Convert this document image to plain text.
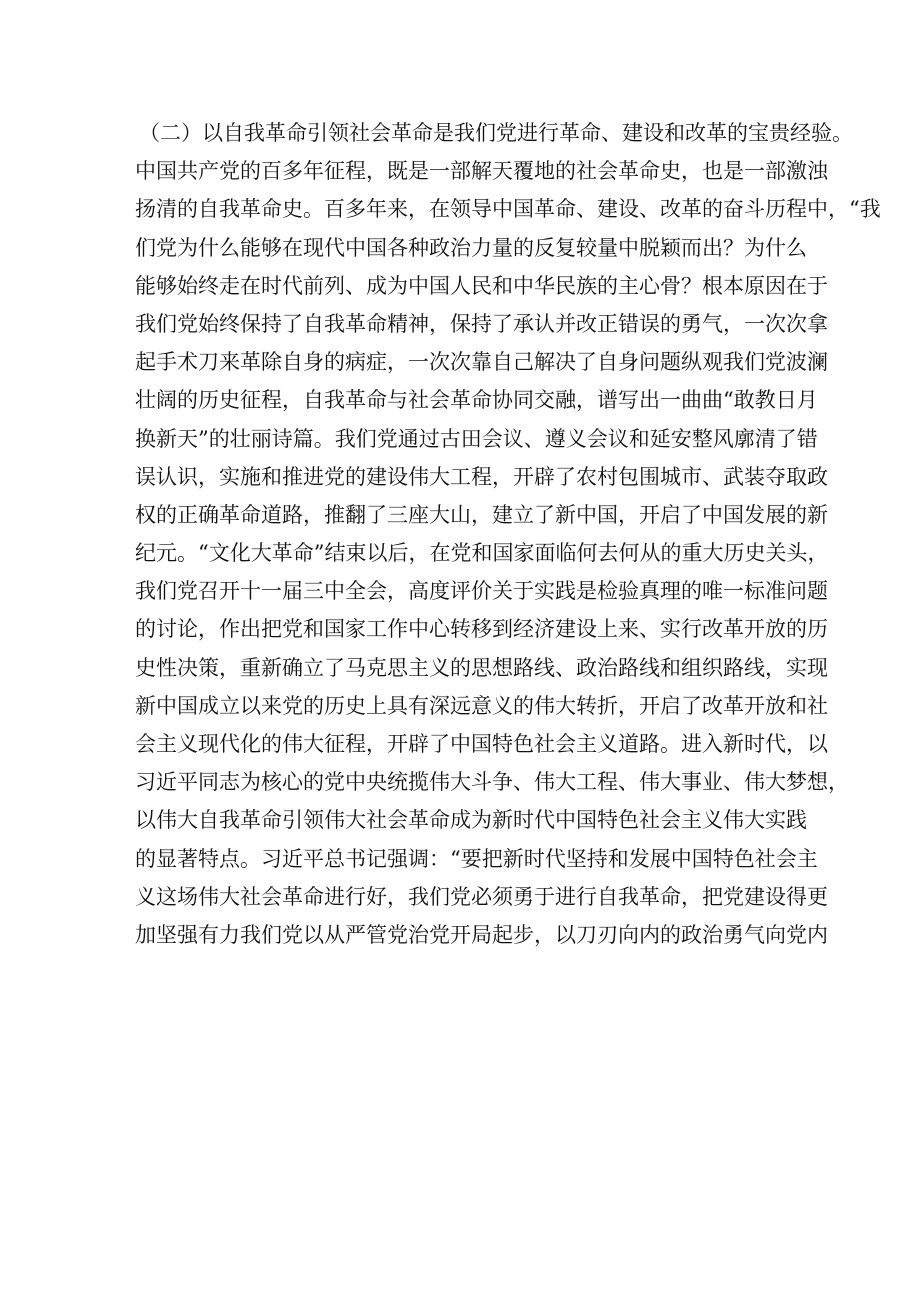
（二）以自我革命引领社会革命是我们党进行革命、建设和改革的宝贵经验。
中国共产党的百多年征程，既是一部解天覆地的社会革命史，也是一部激浊
扬清的自我革命史。百多年来，在领导中国革命、建设、改革的奋斗历程中，“我
们党为什么能够在现代中国各种政治力量的反复较量中脱颖而出？为什么
能够始终走在时代前列、成为中国人民和中华民族的主心骨？根本原因在于
我们党始终保持了自我革命精神，保持了承认并改正错误的勇气，一次次拿
起手术刀来革除自身的病症，一次次靠自己解决了自身问题纵观我们党波澜
壮阔的历史征程，自我革命与社会革命协同交融，谱写出一曲曲“敢教日月
换新天”的壮丽诗篇。我们党通过古田会议、遵义会议和延安整风廓清了错
误认识，实施和推进党的建设伟大工程，开辟了农村包围城市、武装夺取政
权的正确革命道路，推翻了三座大山，建立了新中国，开启了中国发展的新
纪元。“文化大革命”结束以后，在党和国家面临何去何从的重大历史关头，
我们党召开十一届三中全会，高度评价关于实践是检验真理的唯一标准问题
的讨论，作出把党和国家工作中心转移到经济建设上来、实行改革开放的历
史性决策，重新确立了马克思主义的思想路线、政治路线和组织路线，实现
新中国成立以来党的历史上具有深远意义的伟大转折，开启了改革开放和社
会主义现代化的伟大征程，开辟了中国特色社会主义道路。进入新时代，以
习近平同志为核心的党中央统揽伟大斗争、伟大工程、伟大事业、伟大梦想，
以伟大自我革命引领伟大社会革命成为新时代中国特色社会主义伟大实践
的显著特点。习近平总书记强调：“要把新时代坚持和发展中国特色社会主
义这场伟大社会革命进行好，我们党必须勇于进行自我革命，把党建设得更
加坚强有力我们党以从严管党治党开局起步，以刀刃向内的政治勇气向党内
